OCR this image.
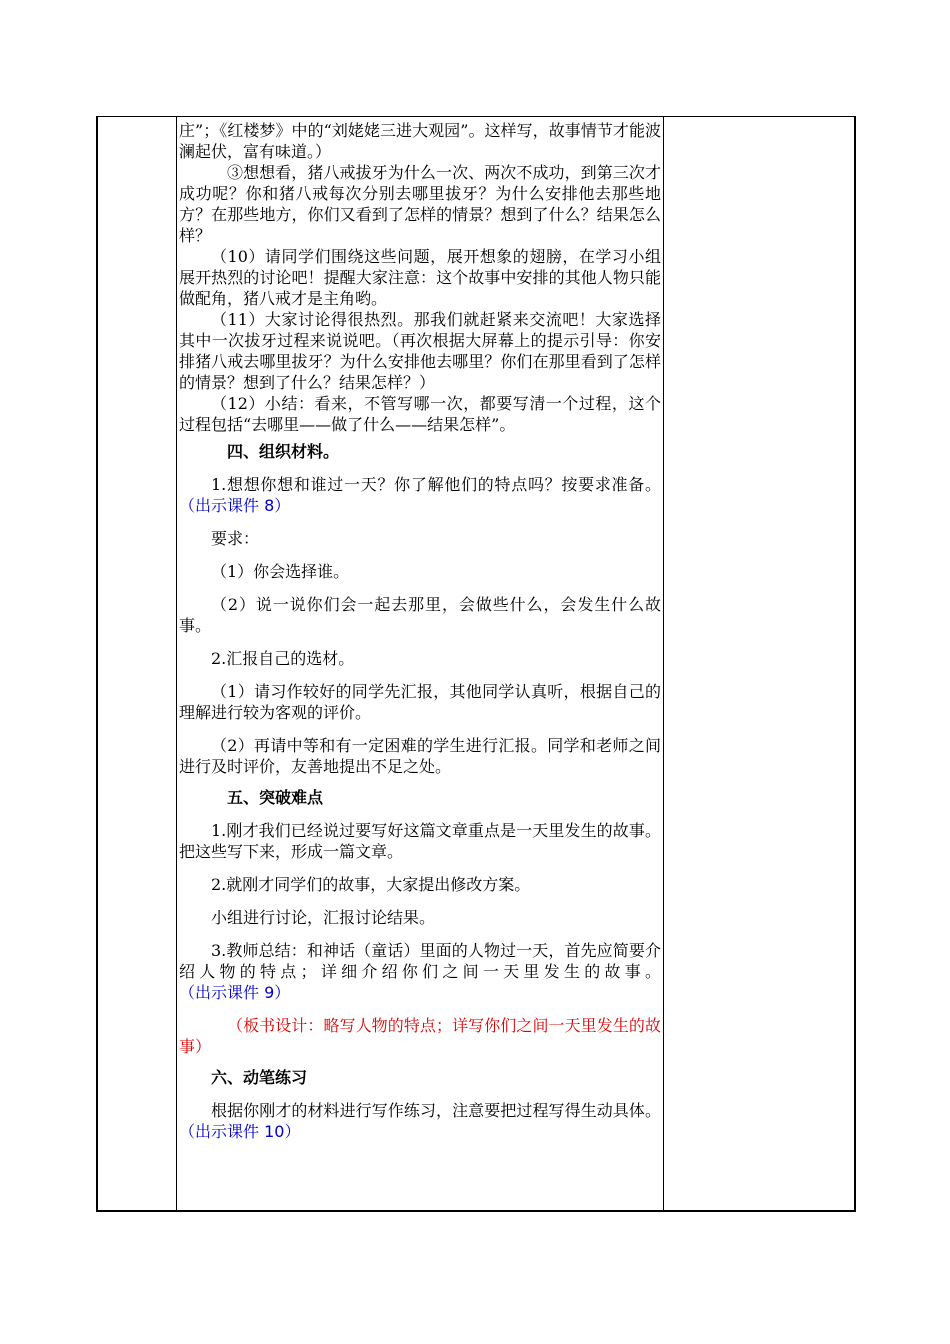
庄”；《红楼梦》中的“刘姥姥三进大观园”。这样写，故事情节才能波澜起伏，富有味道。）

③想想看，猪八戒拔牙为什么一次、两次不成功，到第三次才成功呢？你和猪八戒每次分别去哪里拔牙？为什么安排他去那些地方？在那些地方，你们又看到了怎样的情景？想到了什么？结果怎么样？

（10）请同学们围绕这些问题，展开想象的翅膀，在学习小组展开热烈的讨论吧！提醒大家注意：这个故事中安排的其他人物只能做配角，猪八戒才是主角哟。

（11）大家讨论得很热烈。那我们就赶紧来交流吧！大家选择其中一次拔牙过程来说说吧。（再次根据大屏幕上的提示引导：你安排猪八戒去哪里拔牙？为什么安排他去哪里？你们在那里看到了怎样的情景？想到了什么？结果怎样？）

（12）小结：看来，不管写哪一次，都要写清一个过程，这个过程包括“去哪里——做了什么——结果怎样”。

四、组织材料。

1.想想你想和谁过一天？你了解他们的特点吗？按要求准备。（出示课件 8）

要求：

（1）你会选择谁。

（2）说一说你们会一起去那里，会做些什么，会发生什么故事。

2.汇报自己的选材。

（1）请习作较好的同学先汇报，其他同学认真听，根据自己的理解进行较为客观的评价。

（2）再请中等和有一定困难的学生进行汇报。同学和老师之间进行及时评价，友善地提出不足之处。

五、突破难点

1.刚才我们已经说过要写好这篇文章重点是一天里发生的故事。把这些写下来，形成一篇文章。

2.就刚才同学们的故事，大家提出修改方案。

小组进行讨论，汇报讨论结果。

3.教师总结：和神话（童话）里面的人物过一天，首先应简要介绍人物的特点；详细介绍你们之间一天里发生的故事。（出示课件 9）

（板书设计：略写人物的特点；详写你们之间一天里发生的故事）

六、动笔练习

根据你刚才的材料进行写作练习，注意要把过程写得生动具体。（出示课件 10）
